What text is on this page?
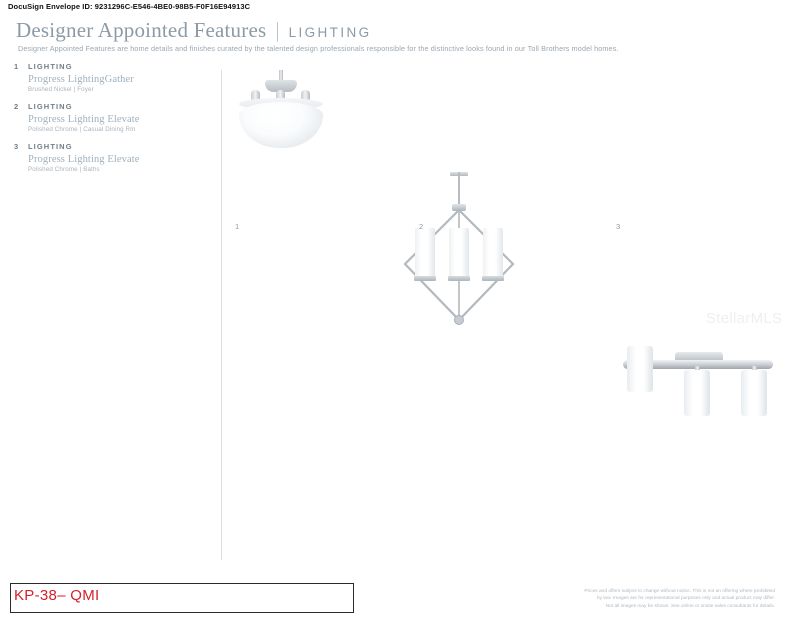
DocuSign Envelope ID: 9231296C-E546-4BE0-98B5-F0F16E94913C
Designer Appointed Features | LIGHTING
Designer Appointed Features are home details and finishes curated by the talented design professionals responsible for the distinctive looks found in our Toll Brothers model homes.
1	LIGHTING
Progress LightingGather
Brushed Nickel | Foyer
2	LIGHTING
Progress Lighting Elevate
Polished Chrome | Casual Dining Rm
3	LIGHTING
Progress Lighting Elevate
Polished Chrome | Baths
1	2	3
StellarMLS
KP-38– QMI	Prices and offers subject to change without notice. This is not an offering where prohibited
by law. Images are for representational purposes only and actual product may differ.
Not all images may be shown. See online or onsite sales consultants for details.
